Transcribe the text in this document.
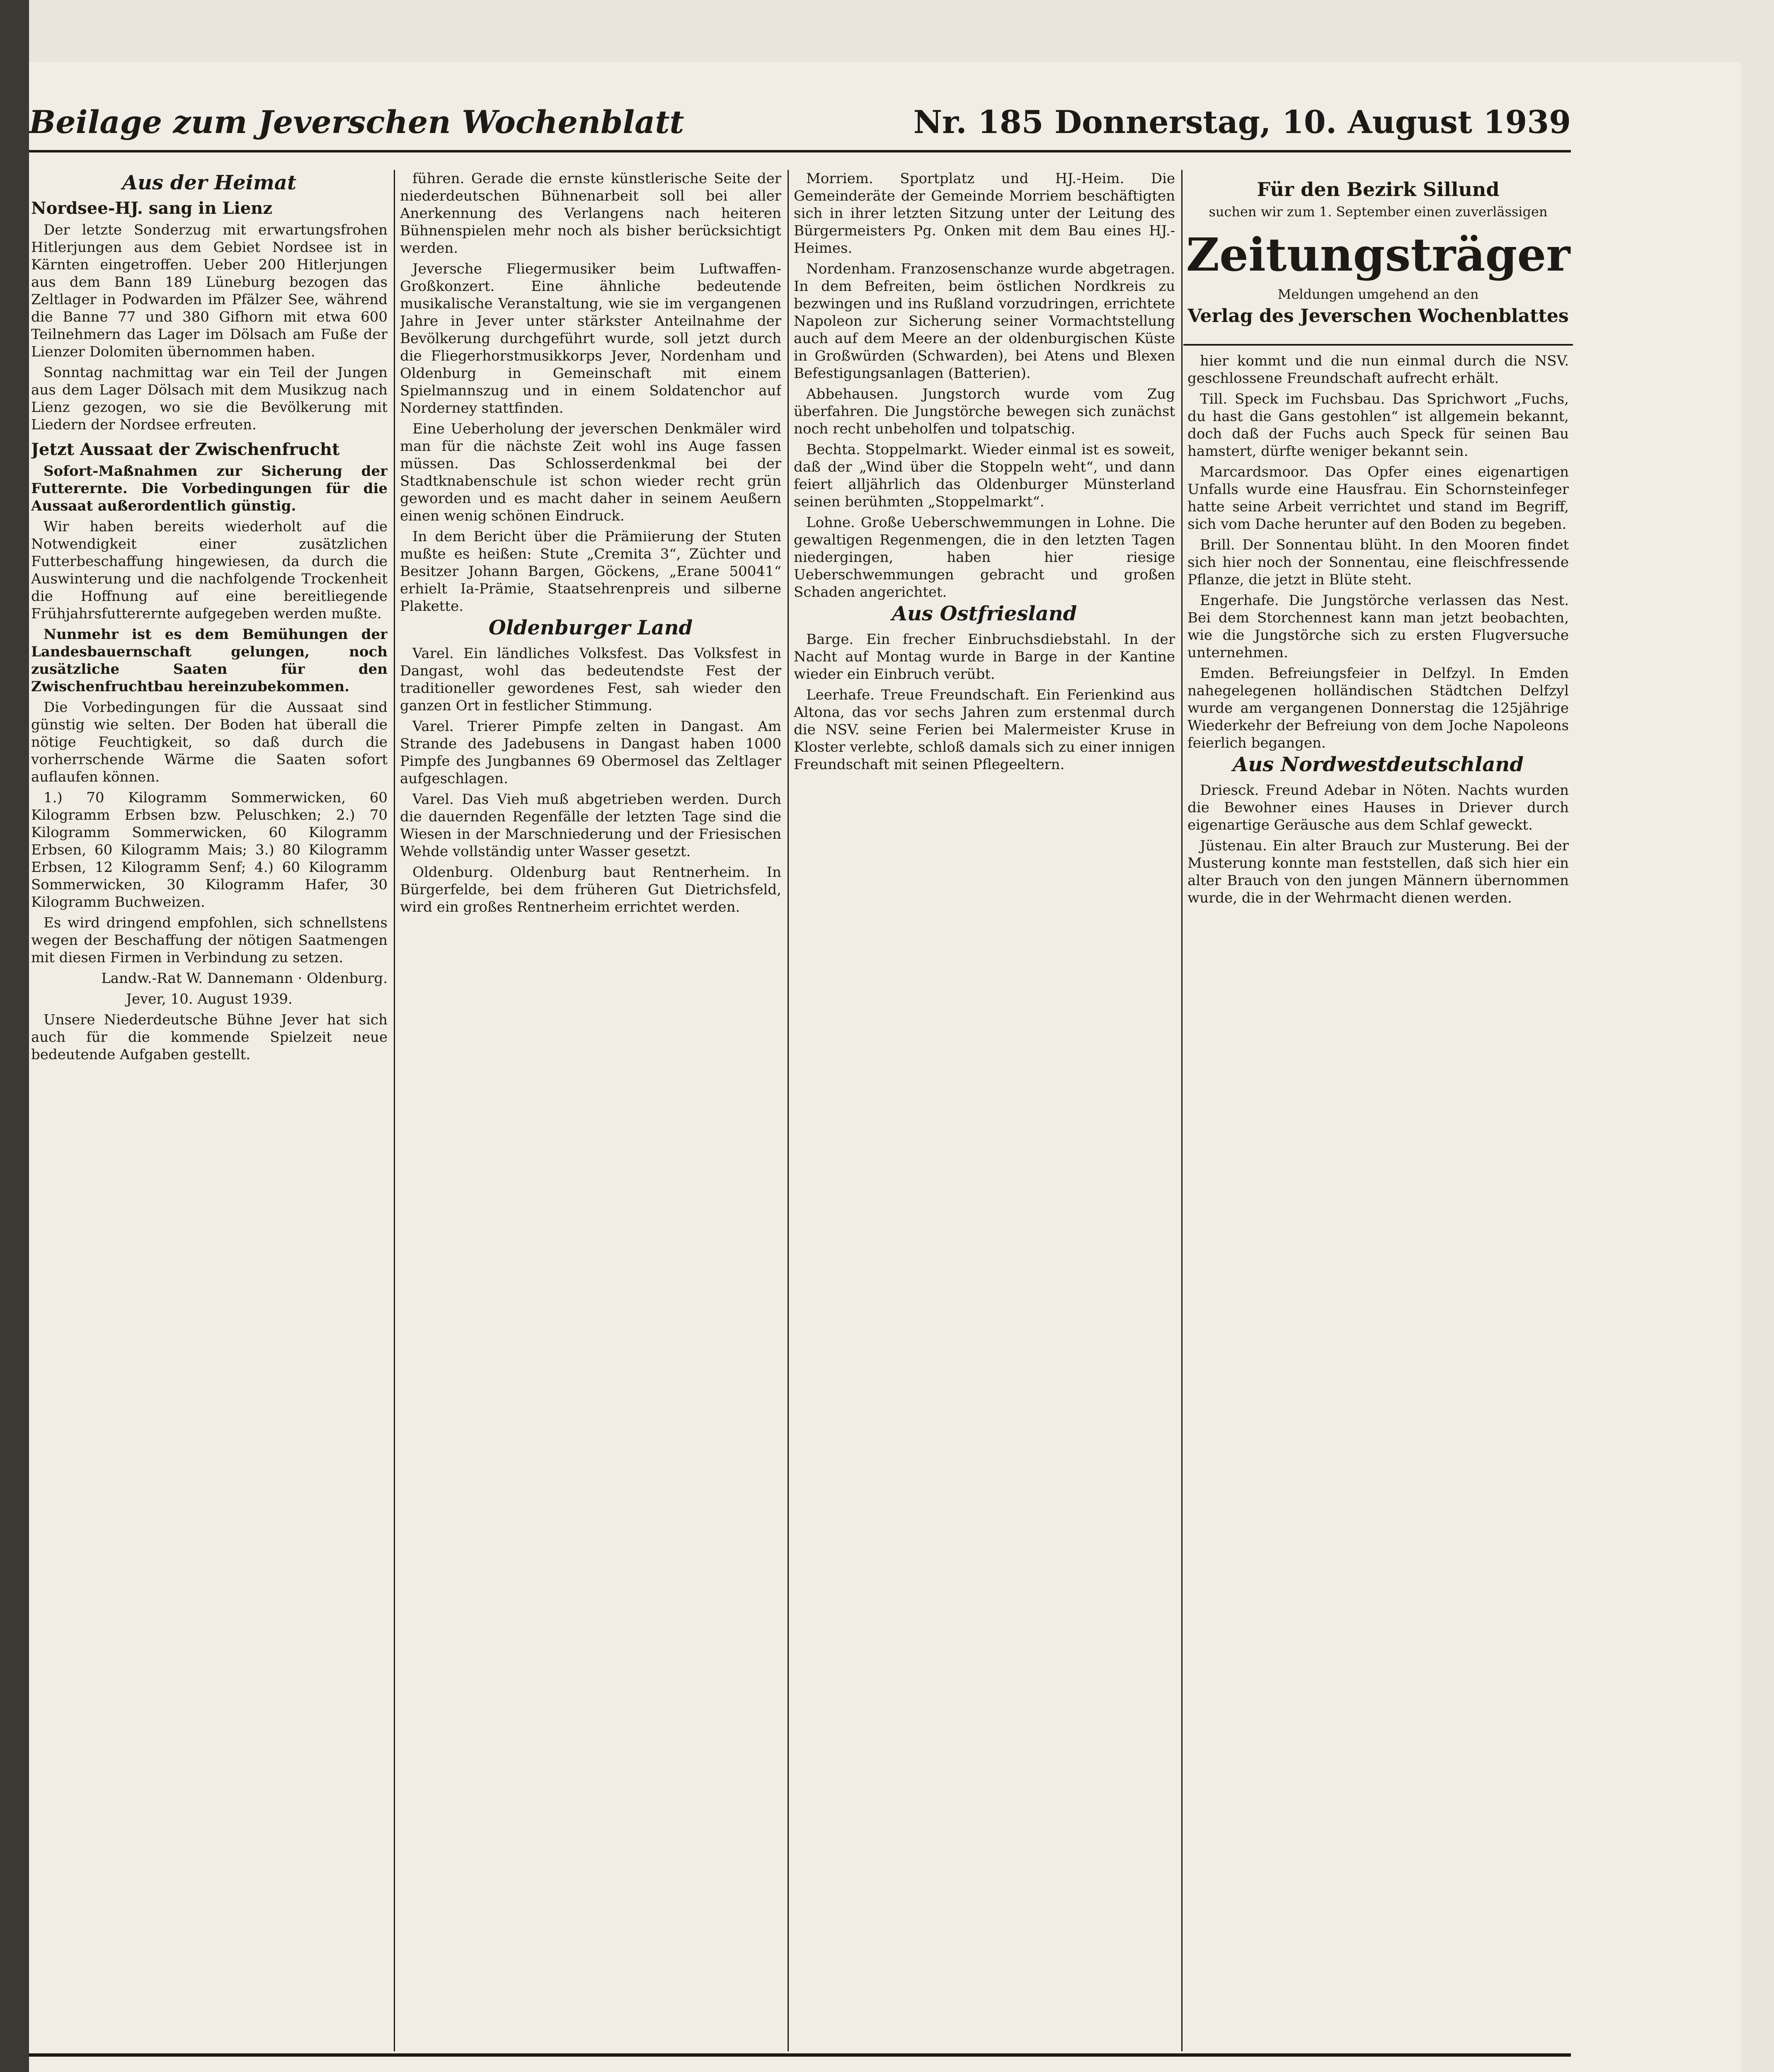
Beilage zum Jeverschen Wochenblatt	Nr. 185 Donnerstag, 10. August 1939

Aus der Heimat

Nordsee-HJ. sang in Lienz

Der letzte Sonderzug mit erwartungsfrohen Hitlerjungen aus dem Gebiet Nordsee ist in Kärnten eingetroffen. Ueber 200 Hitlerjungen aus dem Bann 189 Lüneburg bezogen das Zeltlager in Podwarden im Pfälzer See, während die Banne 77 und 380 Gifhorn mit etwa 600 Teilnehmern das Lager im Dölsach am Fuße der Lienzer Dolomiten übernommen haben.

Sonntag nachmittag war ein Teil der Jungen aus dem Lager Dölsach mit dem Musikzug nach Lienz gezogen, wo sie die Bevölkerung mit Liedern der Nordsee erfreuten.

Jetzt Aussaat der Zwischenfrucht

Sofort-Maßnahmen zur Sicherung der Futterernte. Die Vorbedingungen für die Aussaat außerordentlich günstig.

Wir haben bereits wiederholt auf die Notwendigkeit einer zusätzlichen Futterbeschaffung hingewiesen, da durch die Auswinterung und die nachfolgende Trockenheit die Hoffnung auf eine bereitliegende Frühjahrsfutterernte aufgegeben werden mußte.

Nunmehr ist es dem Bemühungen der Landesbauernschaft gelungen, noch zusätzliche Saaten für den Zwischenfruchtbau hereinzubekommen.

Die Vorbedingungen für die Aussaat sind günstig wie selten. Der Boden hat überall die nötige Feuchtigkeit, so daß durch die vorherrschende Wärme die Saaten sofort auflaufen können.

1.) 70 Kilogramm Sommerwicken, 60 Kilogramm Erbsen bzw. Peluschken; 2.) 70 Kilogramm Sommerwicken, 60 Kilogramm Erbsen, 60 Kilogramm Mais; 3.) 80 Kilogramm Erbsen, 12 Kilogramm Senf; 4.) 60 Kilogramm Sommerwicken, 30 Kilogramm Hafer, 30 Kilogramm Buchweizen.

Es wird dringend empfohlen, sich schnellstens wegen der Beschaffung der nötigen Saatmengen mit diesen Firmen in Verbindung zu setzen.

Landw.-Rat W. Dannemann · Oldenburg.

Jever, 10. August 1939.

Unsere Niederdeutsche Bühne Jever hat sich auch für die kommende Spielzeit neue bedeutende Aufgaben gestellt.

führen. Gerade die ernste künstlerische Seite der niederdeutschen Bühnenarbeit soll bei aller Anerkennung des Verlangens nach heiteren Bühnenspielen mehr noch als bisher berücksichtigt werden.

Jeversche Fliegermusiker beim Luftwaffen-Großkonzert. Eine ähnliche bedeutende musikalische Veranstaltung, wie sie im vergangenen Jahre in Jever unter stärkster Anteilnahme der Bevölkerung durchgeführt wurde, soll jetzt durch die Fliegerhorstmusikkorps Jever, Nordenham und Oldenburg in Gemeinschaft mit einem Spielmannszug und in einem Soldatenchor auf Norderney stattfinden.

Eine Ueberholung der jeverschen Denkmäler wird man für die nächste Zeit wohl ins Auge fassen müssen. Das Schlosserdenkmal bei der Stadtknabenschule ist schon wieder recht grün geworden und es macht daher in seinem Aeußern einen wenig schönen Eindruck.

In dem Bericht über die Prämiierung der Stuten mußte es heißen: Stute „Cremita 3“, Züchter und Besitzer Johann Bargen, Göckens, „Erane 50041“ erhielt Ia-Prämie, Staatsehrenpreis und silberne Plakette.

Oldenburger Land

Varel. Ein ländliches Volksfest. Das Volksfest in Dangast, wohl das bedeutendste Fest der traditioneller gewordenes Fest, sah wieder den ganzen Ort in festlicher Stimmung.

Varel. Trierer Pimpfe zelten in Dangast. Am Strande des Jadebusens in Dangast haben 1000 Pimpfe des Jungbannes 69 Obermosel das Zeltlager aufgeschlagen.

Varel. Das Vieh muß abgetrieben werden. Durch die dauernden Regenfälle der letzten Tage sind die Wiesen in der Marschniederung und der Friesischen Wehde vollständig unter Wasser gesetzt.

Oldenburg. Oldenburg baut Rentnerheim. In Bürgerfelde, bei dem früheren Gut Dietrichsfeld, wird ein großes Rentnerheim errichtet werden.

Morriem. Sportplatz und HJ.-Heim. Die Gemeinderäte der Gemeinde Morriem beschäftigten sich in ihrer letzten Sitzung unter der Leitung des Bürgermeisters Pg. Onken mit dem Bau eines HJ.-Heimes.

Nordenham. Franzosenschanze wurde abgetragen. In dem Befreiten, beim östlichen Nordkreis zu bezwingen und ins Rußland vorzudringen, errichtete Napoleon zur Sicherung seiner Vormachtstellung auch auf dem Meere an der oldenburgischen Küste in Großwürden (Schwarden), bei Atens und Blexen Befestigungsanlagen (Batterien).

Abbehausen. Jungstorch wurde vom Zug überfahren. Die Jungstörche bewegen sich zunächst noch recht unbeholfen und tolpatschig.

Bechta. Stoppelmarkt. Wieder einmal ist es soweit, daß der „Wind über die Stoppeln weht“, und dann feiert alljährlich das Oldenburger Münsterland seinen berühmten „Stoppelmarkt“.

Lohne. Große Ueberschwemmungen in Lohne. Die gewaltigen Regenmengen, die in den letzten Tagen niedergingen, haben hier riesige Ueberschwemmungen gebracht und großen Schaden angerichtet.

Aus Ostfriesland

Barge. Ein frecher Einbruchsdiebstahl. In der Nacht auf Montag wurde in Barge in der Kantine wieder ein Einbruch verübt.

Leerhafe. Treue Freundschaft. Ein Ferienkind aus Altona, das vor sechs Jahren zum erstenmal durch die NSV. seine Ferien bei Malermeister Kruse in Kloster verlebte, schloß damals sich zu einer innigen Freundschaft mit seinen Pflegeeltern.

Für den Bezirk Sillund
suchen wir zum 1. September einen zuverlässigen
Zeitungsträger
Meldungen umgehend an den
Verlag des Jeverschen Wochenblattes

hier kommt und die nun einmal durch die NSV. geschlossene Freundschaft aufrecht erhält.

Till. Speck im Fuchsbau. Das Sprichwort „Fuchs, du hast die Gans gestohlen“ ist allgemein bekannt, doch daß der Fuchs auch Speck für seinen Bau hamstert, dürfte weniger bekannt sein.

Marcardsmoor. Das Opfer eines eigenartigen Unfalls wurde eine Hausfrau. Ein Schornsteinfeger hatte seine Arbeit verrichtet und stand im Begriff, sich vom Dache herunter auf den Boden zu begeben.

Brill. Der Sonnentau blüht. In den Mooren findet sich hier noch der Sonnentau, eine fleischfressende Pflanze, die jetzt in Blüte steht.

Engerhafe. Die Jungstörche verlassen das Nest. Bei dem Storchennest kann man jetzt beobachten, wie die Jungstörche sich zu ersten Flugversuche unternehmen.

Emden. Befreiungsfeier in Delfzyl. In Emden nahegelegenen holländischen Städtchen Delfzyl wurde am vergangenen Donnerstag die 125jährige Wiederkehr der Befreiung von dem Joche Napoleons feierlich begangen.

Aus Nordwestdeutschland

Driesck. Freund Adebar in Nöten. Nachts wurden die Bewohner eines Hauses in Driever durch eigenartige Geräusche aus dem Schlaf geweckt.

Jüstenau. Ein alter Brauch zur Musterung. Bei der Musterung konnte man feststellen, daß sich hier ein alter Brauch von den jungen Männern übernommen wurde, die in der Wehrmacht dienen werden.
